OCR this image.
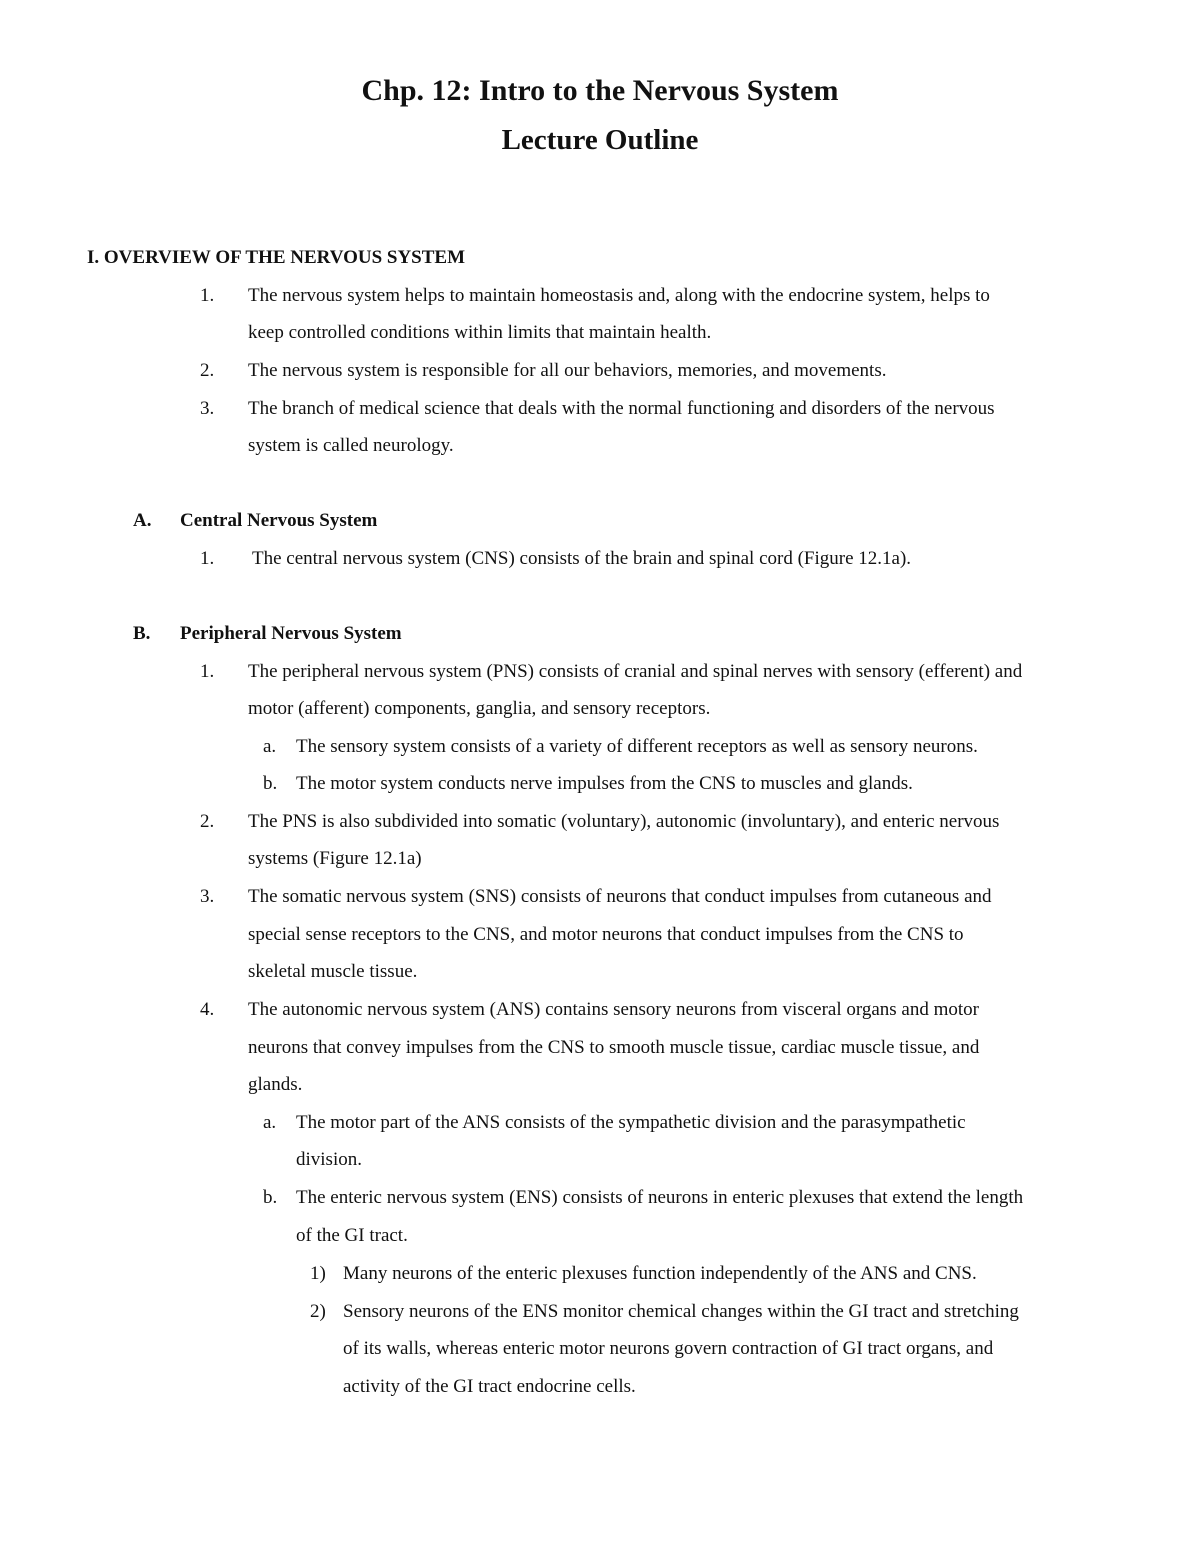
Chp. 12: Intro to the Nervous System
Lecture Outline
I. OVERVIEW OF THE NERVOUS SYSTEM
1. The nervous system helps to maintain homeostasis and, along with the endocrine system, helps to
keep controlled conditions within limits that maintain health.
2. The nervous system is responsible for all our behaviors, memories, and movements.
3. The branch of medical science that deals with the normal functioning and disorders of the nervous
system is called neurology.
A. Central Nervous System
1. The central nervous system (CNS) consists of the brain and spinal cord (Figure 12.1a).
B. Peripheral Nervous System
1. The peripheral nervous system (PNS) consists of cranial and spinal nerves with sensory (efferent) and
motor (afferent) components, ganglia, and sensory receptors.
a. The sensory system consists of a variety of different receptors as well as sensory neurons.
b. The motor system conducts nerve impulses from the CNS to muscles and glands.
2. The PNS is also subdivided into somatic (voluntary), autonomic (involuntary), and enteric nervous
systems (Figure 12.1a)
3. The somatic nervous system (SNS) consists of neurons that conduct impulses from cutaneous and
special sense receptors to the CNS, and motor neurons that conduct impulses from the CNS to
skeletal muscle tissue.
4. The autonomic nervous system (ANS) contains sensory neurons from visceral organs and motor
neurons that convey impulses from the CNS to smooth muscle tissue, cardiac muscle tissue, and
glands.
a. The motor part of the ANS consists of the sympathetic division and the parasympathetic
division.
b. The enteric nervous system (ENS) consists of neurons in enteric plexuses that extend the length
of the GI tract.
1) Many neurons of the enteric plexuses function independently of the ANS and CNS.
2) Sensory neurons of the ENS monitor chemical changes within the GI tract and stretching
of its walls, whereas enteric motor neurons govern contraction of GI tract organs, and
activity of the GI tract endocrine cells.
